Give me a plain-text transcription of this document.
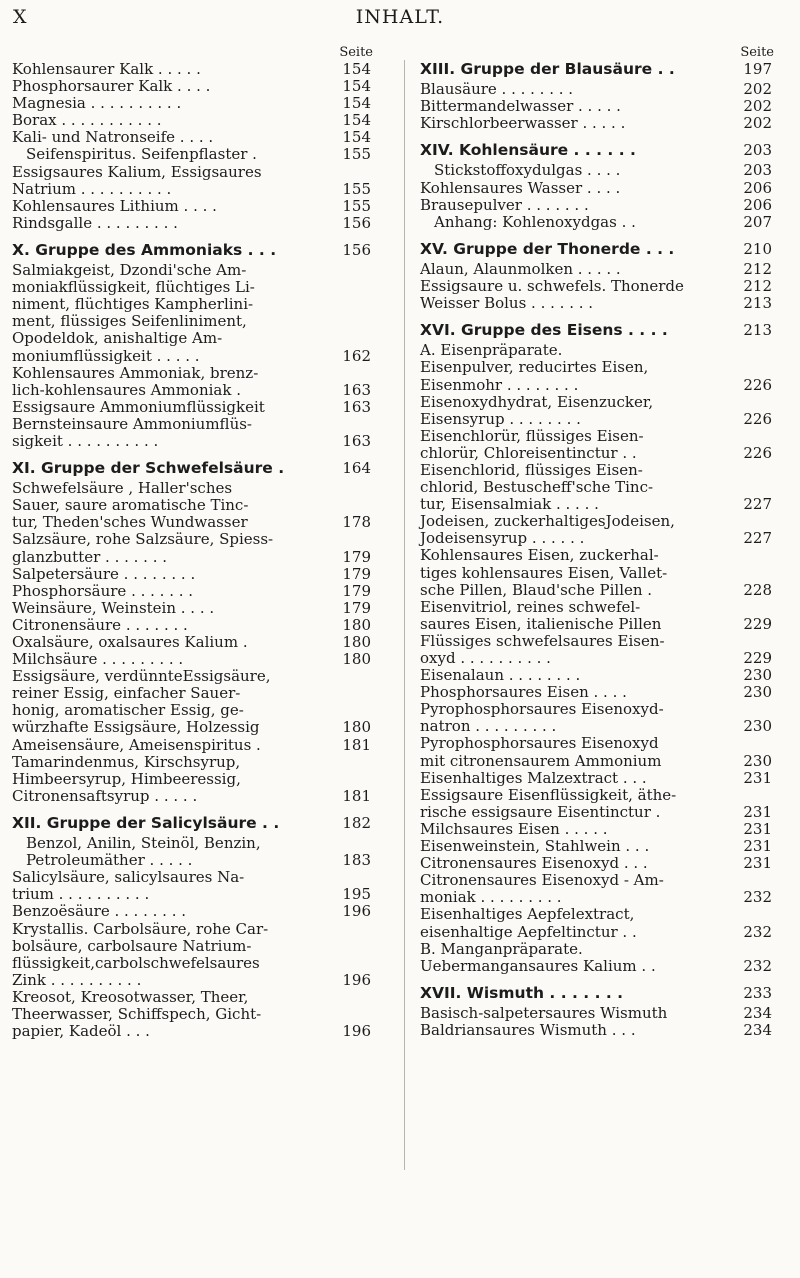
X	INHALT.
Seite
Kohlensaurer Kalk . . . . .	154
Phosphorsaurer Kalk . . . .	154
Magnesia . . . . . . . . . .	154
Borax . . . . . . . . . . .	154
Kali- und Natronseife . . . .	154
Seifenspiritus. Seifenpflaster .	155
Essigsaures Kalium, Essigsaures
Natrium . . . . . . . . . .	155
Kohlensaures Lithium . . . .	155
Rindsgalle . . . . . . . . .	156
X. Gruppe des Ammoniaks . . .	156
Salmiakgeist, Dzondi'sche Am-
moniakflüssigkeit, flüchtiges Li-
niment, flüchtiges Kampherlini-
ment, flüssiges Seifenliniment,
Opodeldok, anishaltige Am-
moniumflüssigkeit . . . . .	162
Kohlensaures Ammoniak, brenz-
lich-kohlensaures Ammoniak .	163
Essigsaure Ammoniumflüssigkeit	163
Bernsteinsaure Ammoniumflüs-
sigkeit . . . . . . . . . .	163
XI. Gruppe der Schwefelsäure .	164
Schwefelsäure , Haller'sches
Sauer, saure aromatische Tinc-
tur, Theden'sches Wundwasser	178
Salzsäure, rohe Salzsäure, Spiess-
glanzbutter . . . . . . .	179
Salpetersäure . . . . . . . .	179
Phosphorsäure . . . . . . .	179
Weinsäure, Weinstein . . . .	179
Citronensäure . . . . . . .	180
Oxalsäure, oxalsaures Kalium .	180
Milchsäure . . . . . . . . .	180
Essigsäure, verdünnteEssigsäure,
reiner Essig, einfacher Sauer-
honig, aromatischer Essig, ge-
würzhafte Essigsäure, Holzessig	180
Ameisensäure, Ameisenspiritus .	181
Tamarindenmus, Kirschsyrup,
Himbeersyrup, Himbeeressig,
Citronensaftsyrup . . . . .	181
XII. Gruppe der Salicylsäure . .	182
Benzol, Anilin, Steinöl, Benzin,
Petroleumäther . . . . .	183
Salicylsäure, salicylsaures Na-
trium . . . . . . . . . .	195
Benzoësäure . . . . . . . .	196
Krystallis. Carbolsäure, rohe Car-
bolsäure, carbolsaure Natrium-
flüssigkeit,carbolschwefelsaures
Zink . . . . . . . . . .	196
Kreosot, Kreosotwasser, Theer,
Theerwasser, Schiffspech, Gicht-
papier, Kadeöl . . .	196
Seite
XIII. Gruppe der Blausäure . .	197
Blausäure . . . . . . . .	202
Bittermandelwasser . . . . .	202
Kirschlorbeerwasser . . . . .	202
XIV. Kohlensäure . . . . . .	203
Stickstoffoxydulgas . . . .	203
Kohlensaures Wasser . . . .	206
Brausepulver . . . . . . .	206
Anhang: Kohlenoxydgas . .	207
XV. Gruppe der Thonerde . . .	210
Alaun, Alaunmolken . . . . .	212
Essigsaure u. schwefels. Thonerde	212
Weisser Bolus . . . . . . .	213
XVI. Gruppe des Eisens . . . .	213
A. Eisenpräparate.
Eisenpulver, reducirtes Eisen,
Eisenmohr . . . . . . . .	226
Eisenoxydhydrat, Eisenzucker,
Eisensyrup . . . . . . . .	226
Eisenchlorür, flüssiges Eisen-
chlorür, Chloreisentinctur . .	226
Eisenchlorid, flüssiges Eisen-
chlorid, Bestuscheff'sche Tinc-
tur, Eisensalmiak . . . . .	227
Jodeisen, zuckerhaltigesJodeisen,
Jodeisensyrup . . . . . .	227
Kohlensaures Eisen, zuckerhal-
tiges kohlensaures Eisen, Vallet-
sche Pillen, Blaud'sche Pillen .	228
Eisenvitriol, reines schwefel-
saures Eisen, italienische Pillen	229
Flüssiges schwefelsaures Eisen-
oxyd . . . . . . . . . .	229
Eisenalaun . . . . . . . .	230
Phosphorsaures Eisen . . . .	230
Pyrophosphorsaures Eisenoxyd-
natron . . . . . . . . .	230
Pyrophosphorsaures Eisenoxyd
mit citronensaurem Ammonium	230
Eisenhaltiges Malzextract . . .	231
Essigsaure Eisenflüssigkeit, äthe-
rische essigsaure Eisentinctur .	231
Milchsaures Eisen . . . . .	231
Eisenweinstein, Stahlwein . . .	231
Citronensaures Eisenoxyd . . .	231
Citronensaures Eisenoxyd - Am-
moniak . . . . . . . . .	232
Eisenhaltiges Aepfelextract,
eisenhaltige Aepfeltinctur . .	232
B. Manganpräparate.
Uebermangansaures Kalium . .	232
XVII. Wismuth . . . . . . .	233
Basisch-salpetersaures Wismuth	234
Baldriansaures Wismuth . . .	234
